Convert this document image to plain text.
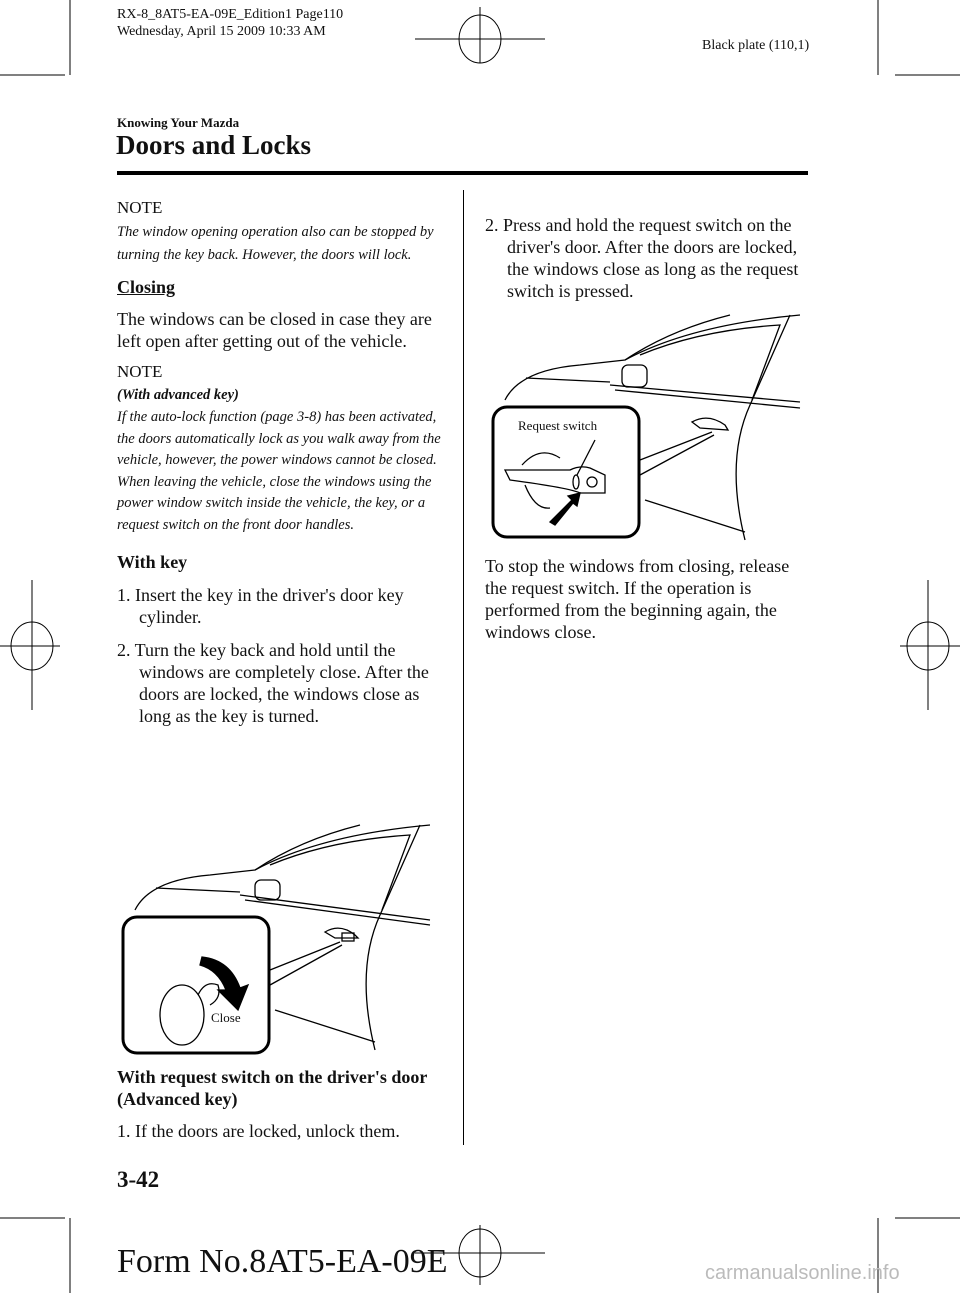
RX-8_8AT5-EA-09E_Edition1 Page110
Wednesday, April 15 2009 10:33 AM
Black plate (110,1)
Knowing Your Mazda
Doors and Locks
NOTE
The window opening operation also can be stopped by turning the key back. However, the doors will lock.
Closing
The windows can be closed in case they are left open after getting out of the vehicle.
NOTE
(With advanced key)
If the auto-lock function (page 3-8) has been activated, the doors automatically lock as you walk away from the vehicle, however, the power windows cannot be closed. When leaving the vehicle, close the windows using the power window switch inside the vehicle, the key, or a request switch on the front door handles.
With key
1. Insert the key in the driver's door key cylinder.
2. Turn the key back and hold until the windows are completely close. After the doors are locked, the windows close as long as the key is turned.
Close
With request switch on the driver's door (Advanced key)
1. If the doors are locked, unlock them.
2. Press and hold the request switch on the driver's door. After the doors are locked, the windows close as long as the request switch is pressed.
Request switch
To stop the windows from closing, release the request switch. If the operation is performed from the beginning again, the windows close.
3-42
Form No.8AT5-EA-09E	carmanualsonline.info
